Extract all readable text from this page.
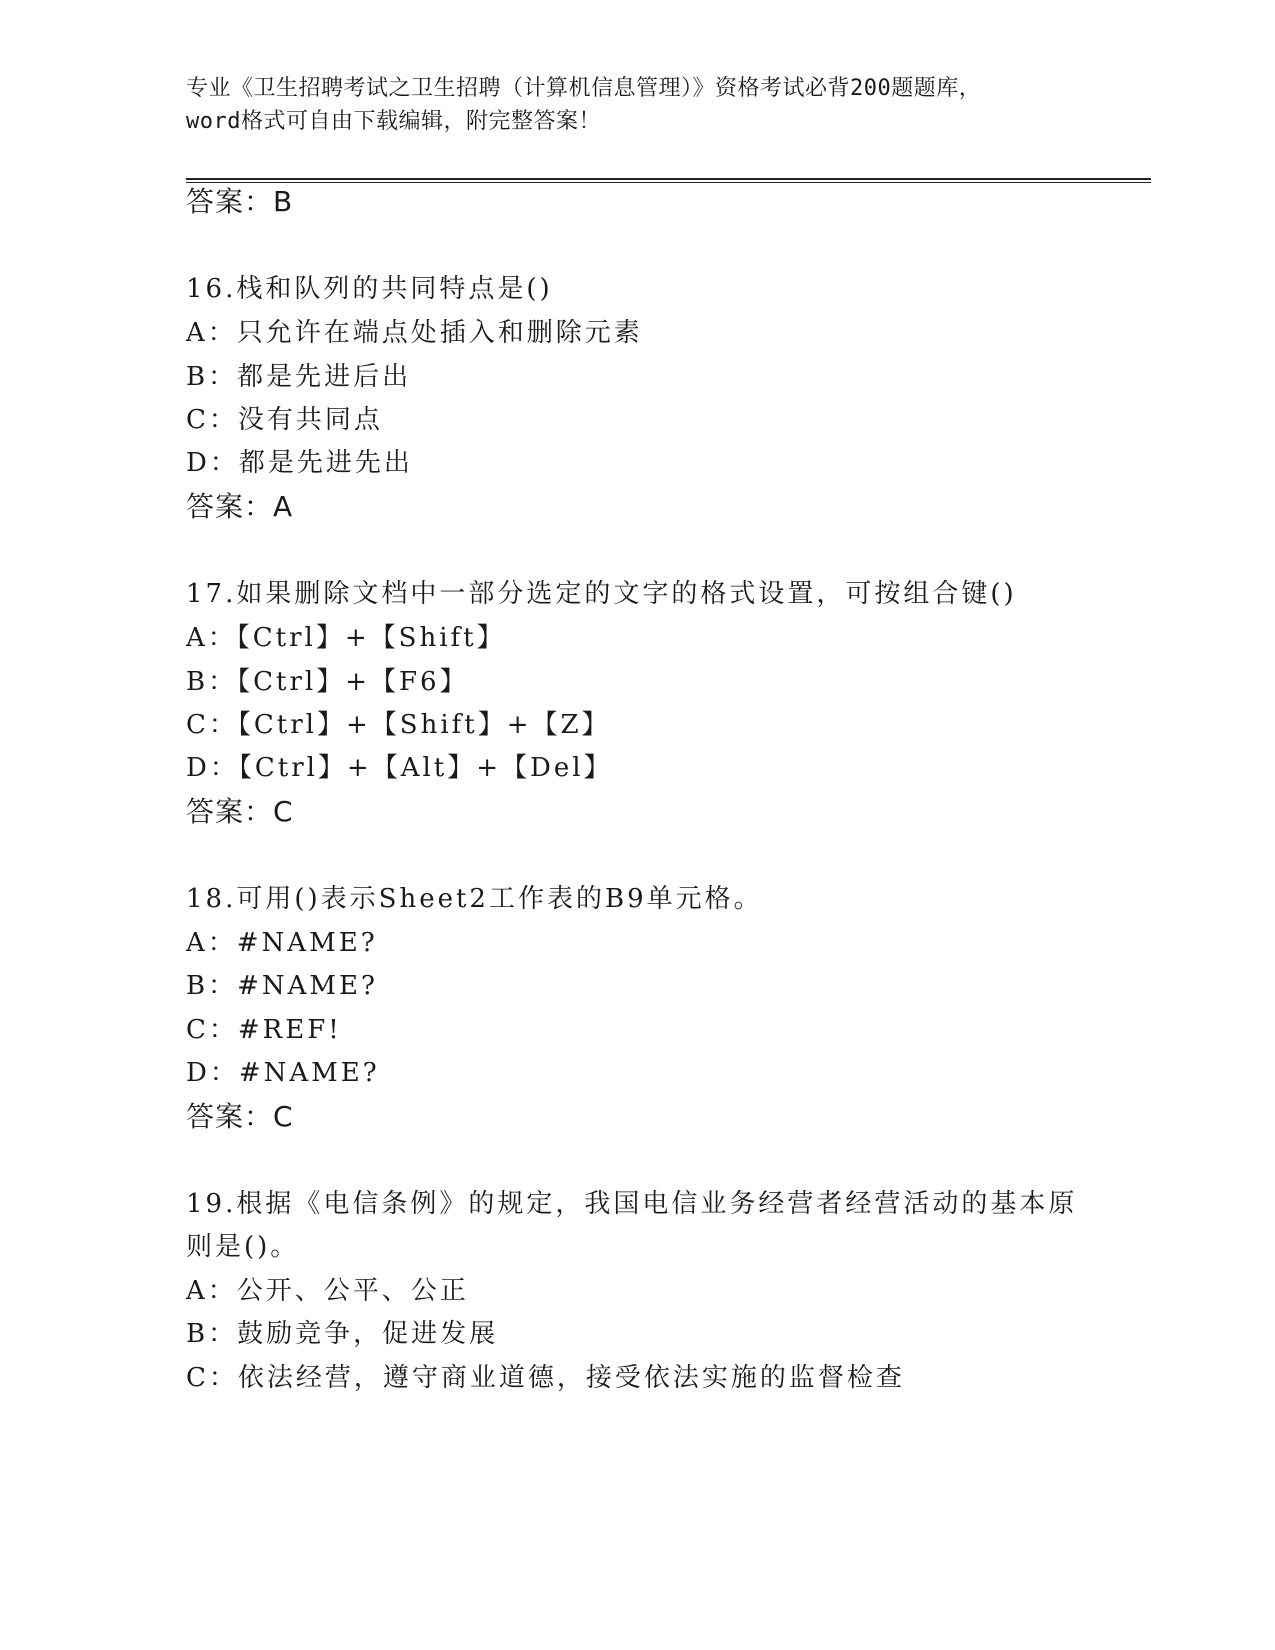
专业《卫生招聘考试之卫生招聘（计算机信息管理）》资格考试必背200题题库，
word格式可自由下载编辑，附完整答案！
答案：B
16.栈和队列的共同特点是()
A：只允许在端点处插入和删除元素
B：都是先进后出
C：没有共同点
D：都是先进先出
答案：A
17.如果删除文档中一部分选定的文字的格式设置，可按组合键()
A：【Ctrl】+【Shift】
B：【Ctrl】+【F6】
C：【Ctrl】+【Shift】+【Z】
D：【Ctrl】+【Alt】+【Del】
答案：C
18.可用()表示Sheet2工作表的B9单元格。
A：#NAME?
B：#NAME?
C：#REF!
D：#NAME?
答案：C
19.根据《电信条例》的规定，我国电信业务经营者经营活动的基本原
则是()。
A：公开、公平、公正
B：鼓励竞争，促进发展
C：依法经营，遵守商业道德，接受依法实施的监督检查
